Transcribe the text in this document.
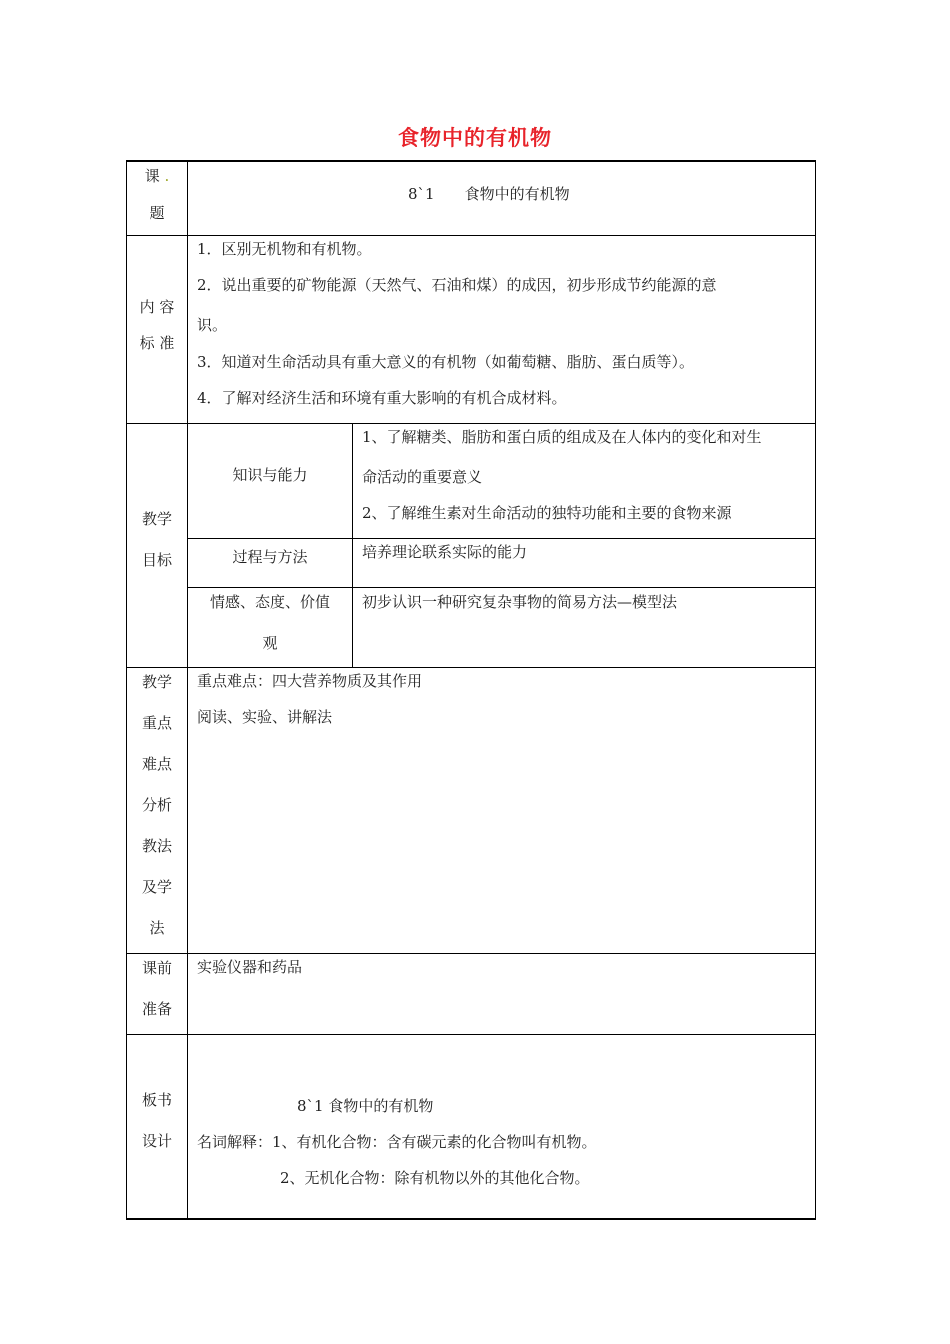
食物中的有机物
课 .
题
8`1　　食物中的有机物
内 容
标 准
1．区别无机物和有机物。
2．说出重要的矿物能源（天然气、石油和煤）的成因，初步形成节约能源的意
识。
3．知道对生命活动具有重大意义的有机物（如葡萄糖、脂肪、蛋白质等）。
4．了解对经济生活和环境有重大影响的有机合成材料。
教学
目标
知识与能力
1、了解糖类、脂肪和蛋白质的组成及在人体内的变化和对生
命活动的重要意义
2、了解维生素对生命活动的独特功能和主要的食物来源
过程与方法	培养理论联系实际的能力
情感、态度、价值
观
初步认识一种研究复杂事物的简易方法—模型法
教学
重点
难点
分析
教法
及学
法
重点难点：四大营养物质及其作用
阅读、实验、讲解法
课前
准备
实验仪器和药品
板书
设计
8`1 食物中的有机物
名词解释：1、有机化合物：含有碳元素的化合物叫有机物。
2、无机化合物：除有机物以外的其他化合物。
